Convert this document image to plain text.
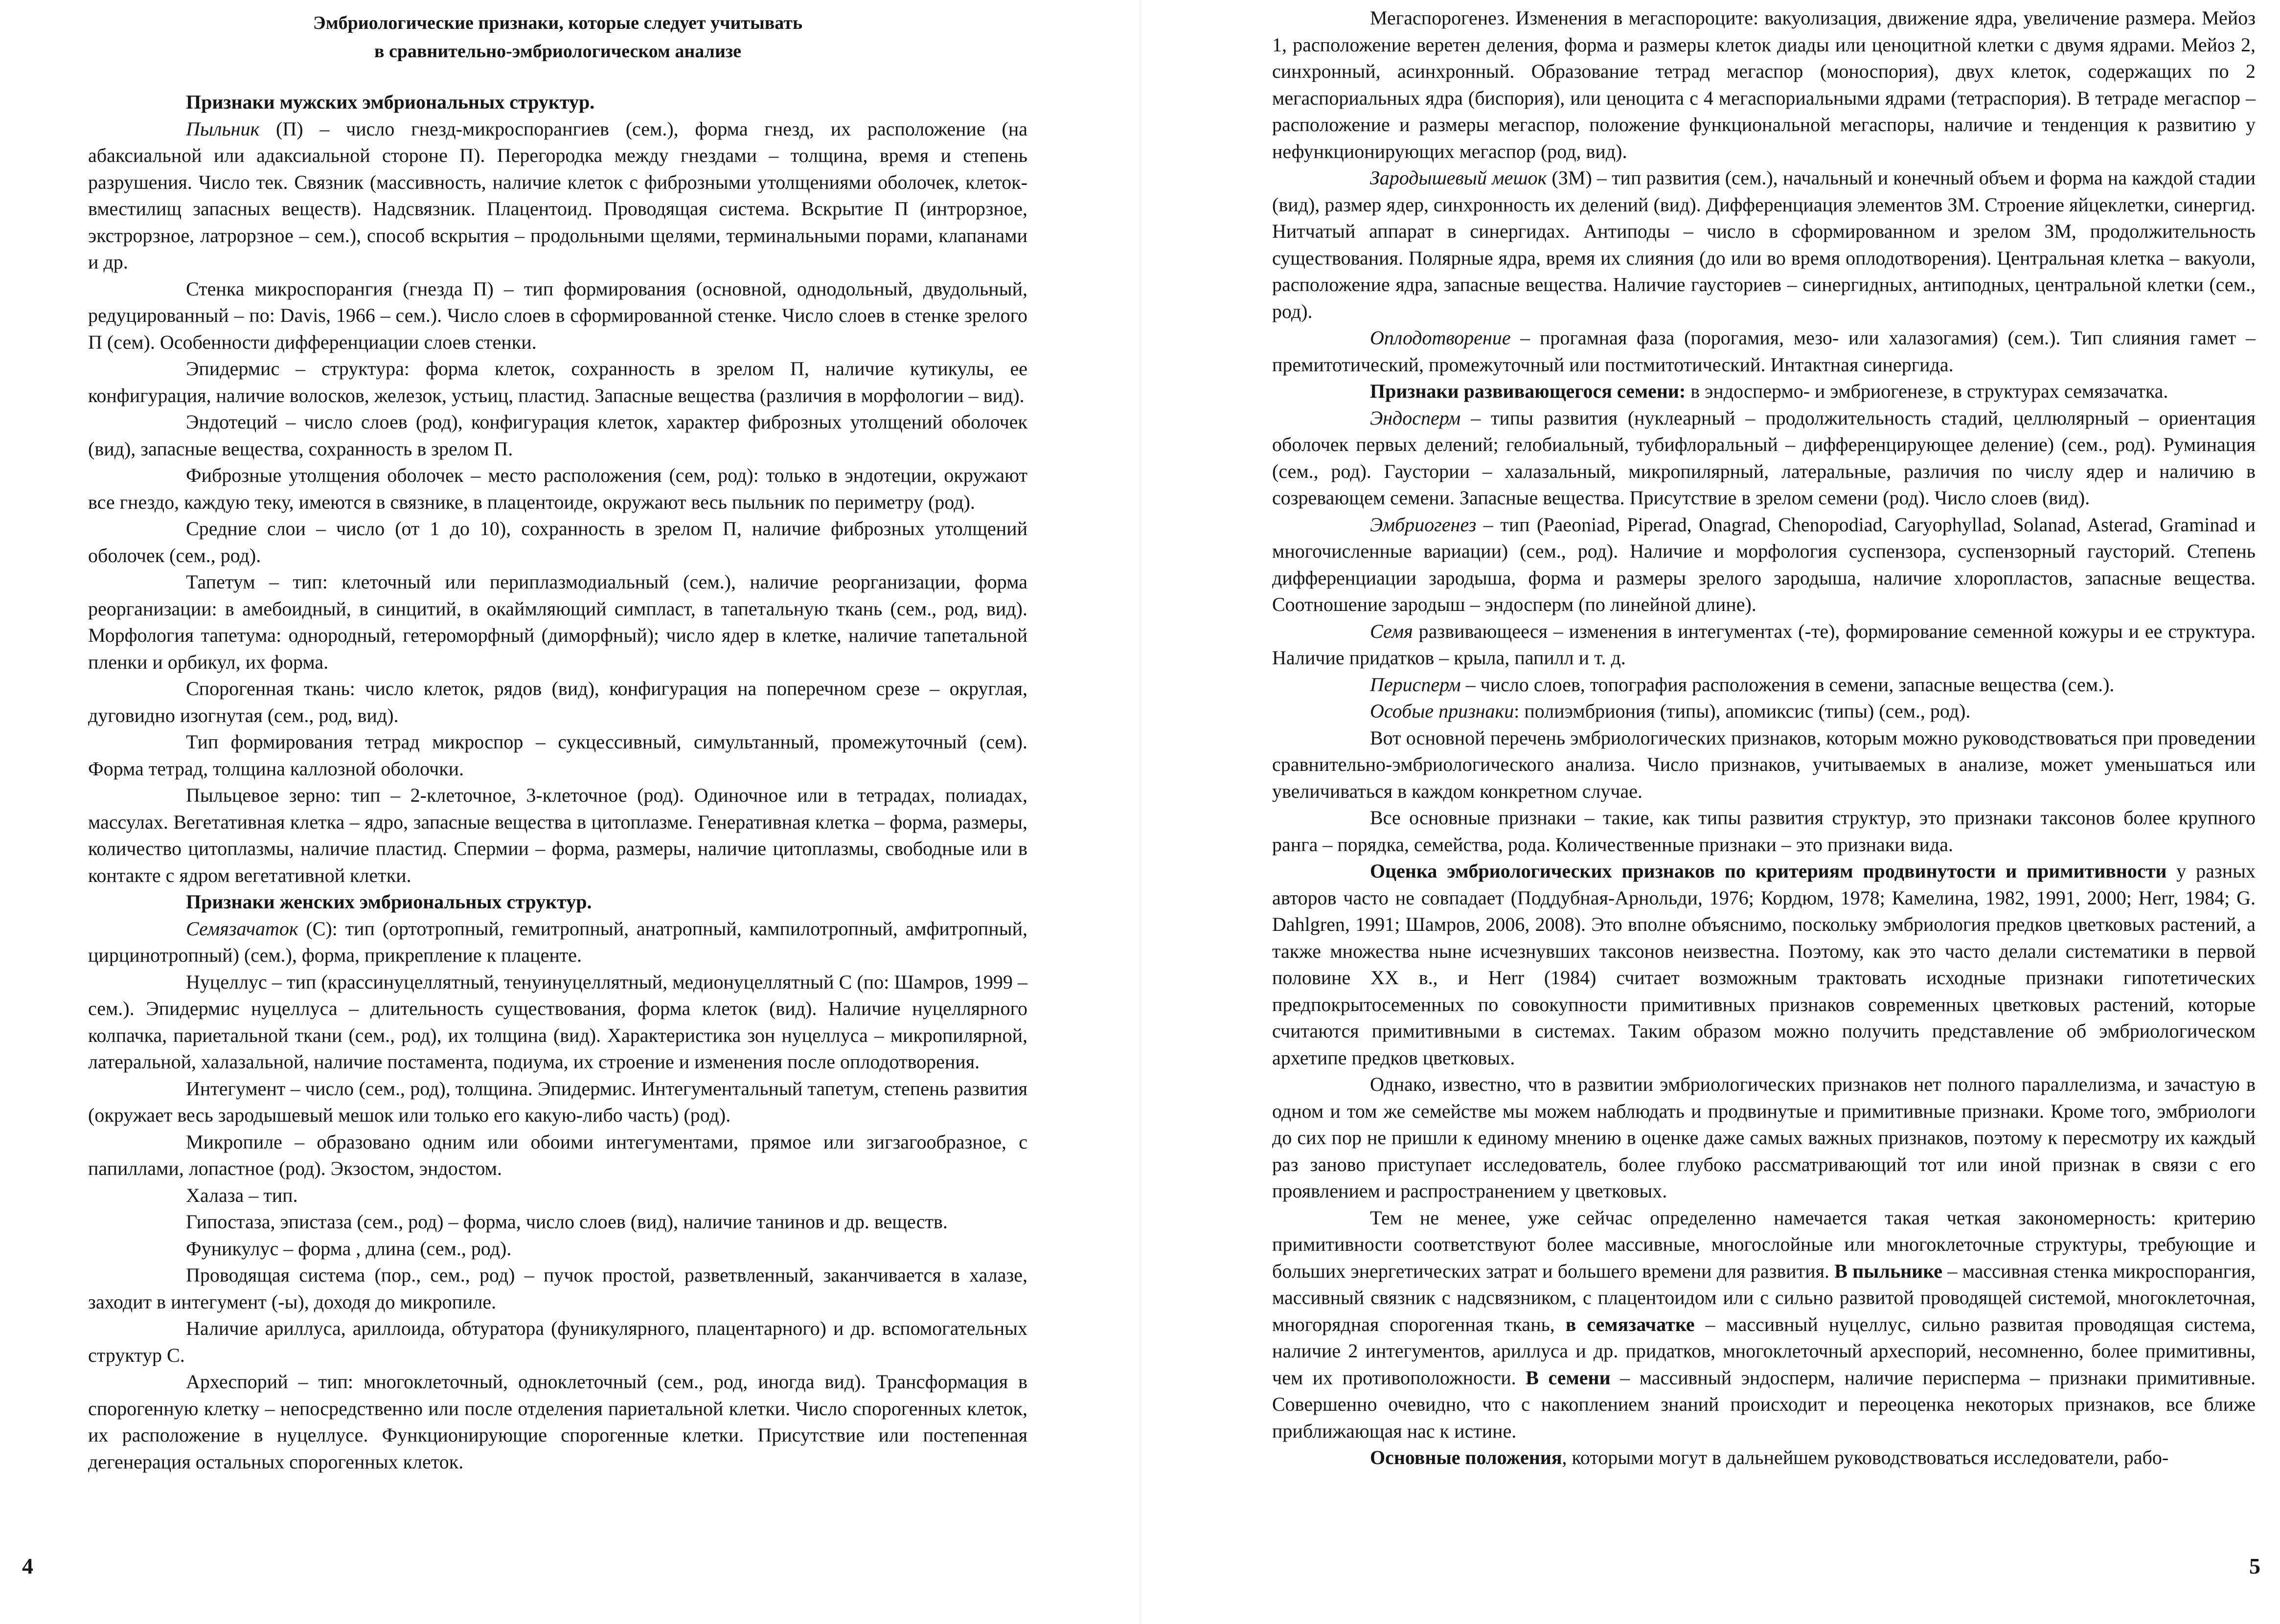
Эмбриологические признаки, которые следует учитывать
в сравнительно-эмбриологическом анализе

Признаки мужских эмбриональных структур.

Пыльник (П) – число гнезд-микроспорангиев (сем.), форма гнезд, их расположение (на абаксиальной или адаксиальной стороне П). Перегородка между гнездами – толщина, время и степень разрушения. Число тек. Связник (массивность, наличие клеток с фиброзными утолщениями оболочек, клеток-вместилищ запасных веществ). Надсвязник. Плацентоид. Проводящая система. Вскрытие П (интрорзное, экстрорзное, латрорзное – сем.), способ вскрытия – продольными щелями, терминальными порами, клапанами и др.

Стенка микроспорангия (гнезда П) – тип формирования (основной, однодольный, двудольный, редуцированный – по: Davis, 1966 – сем.). Число слоев в сформированной стенке. Число слоев в стенке зрелого П (сем). Особенности дифференциации слоев стенки.

Эпидермис – структура: форма клеток, сохранность в зрелом П, наличие кутикулы, ее конфигурация, наличие волосков, железок, устьиц, пластид. Запасные вещества (различия в морфологии – вид).

Эндотеций – число слоев (род), конфигурация клеток, характер фиброзных утолщений оболочек (вид), запасные вещества, сохранность в зрелом П.

Фиброзные утолщения оболочек – место расположения (сем, род): только в эндотеции, окружают все гнездо, каждую теку, имеются в связнике, в плацентоиде, окружают весь пыльник по периметру (род).

Средние слои – число (от 1 до 10), сохранность в зрелом П, наличие фиброзных утолщений оболочек (сем., род).

Тапетум – тип: клеточный или периплазмодиальный (сем.), наличие реорганизации, форма реорганизации: в амебоидный, в синцитий, в окаймляющий симпласт, в тапетальную ткань (сем., род, вид). Морфология тапетума: однородный, гетероморфный (диморфный); число ядер в клетке, наличие тапетальной пленки и орбикул, их форма.

Спорогенная ткань: число клеток, рядов (вид), конфигурация на поперечном срезе – округлая, дуговидно изогнутая (сем., род, вид).

Тип формирования тетрад микроспор – сукцессивный, симультанный, промежуточный (сем). Форма тетрад, толщина каллозной оболочки.

Пыльцевое зерно: тип – 2-клеточное, 3-клеточное (род). Одиночное или в тетрадах, полиадах, массулах. Вегетативная клетка – ядро, запасные вещества в цитоплазме. Генеративная клетка – форма, размеры, количество цитоплазмы, наличие пластид. Спермии – форма, размеры, наличие цитоплазмы, свободные или в контакте с ядром вегетативной клетки.

Признаки женских эмбриональных структур.

Семязачаток (С): тип (ортотропный, гемитропный, анатропный, кампилотропный, амфитропный, цирцинотропный) (сем.), форма, прикрепление к плаценте.

Нуцеллус – тип (крассинуцеллятный, тенуинуцеллятный, медионуцеллятный С (по: Шамров, 1999 – сем.). Эпидермис нуцеллуса – длительность существования, форма клеток (вид). Наличие нуцеллярного колпачка, париетальной ткани (сем., род), их толщина (вид). Характеристика зон нуцеллуса – микропилярной, латеральной, халазальной, наличие постамента, подиума, их строение и изменения после оплодотворения.

Интегумент – число (сем., род), толщина. Эпидермис. Интегументальный тапетум, степень развития (окружает весь зародышевый мешок или только его какую-либо часть) (род).

Микропиле – образовано одним или обоими интегументами, прямое или зигзагообразное, с папиллами, лопастное (род). Экзостом, эндостом.

Халаза – тип.

Гипостаза, эпистаза (сем., род) – форма, число слоев (вид), наличие танинов и др. веществ.

Фуникулус – форма , длина (сем., род).

Проводящая система (пор., сем., род) – пучок простой, разветвленный, заканчивается в халазе, заходит в интегумент (-ы), доходя до микропиле.

Наличие ариллуса, ариллоида, обтуратора (фуникулярного, плацентарного) и др. вспомогательных структур С.

Археспорий – тип: многоклеточный, одноклеточный (сем., род, иногда вид). Трансформация в спорогенную клетку – непосредственно или после отделения париетальной клетки. Число спорогенных клеток, их расположение в нуцеллусе. Функционирующие спорогенные клетки. Присутствие или постепенная дегенерация остальных спорогенных клеток.

4

Мегаспорогенез. Изменения в мегаспороците: вакуолизация, движение ядра, увеличение размера. Мейоз 1, расположение веретен деления, форма и размеры клеток диады или ценоцитной клетки с двумя ядрами. Мейоз 2, синхронный, асинхронный. Образование тетрад мегаспор (моноспория), двух клеток, содержащих по 2 мегаспориальных ядра (биспория), или ценоцита с 4 мегаспориальными ядрами (тетраспория). В тетраде мегаспор – расположение и размеры мегаспор, положение функциональной мегаспоры, наличие и тенденция к развитию у нефункционирующих мегаспор (род, вид).

Зародышевый мешок (ЗМ) – тип развития (сем.), начальный и конечный объем и форма на каждой стадии (вид), размер ядер, синхронность их делений (вид). Дифференциация элементов ЗМ. Строение яйцеклетки, синергид. Нитчатый аппарат в синергидах. Антиподы – число в сформированном и зрелом ЗМ, продолжительность существования. Полярные ядра, время их слияния (до или во время оплодотворения). Центральная клетка – вакуоли, расположение ядра, запасные вещества. Наличие гаусториев – синергидных, антиподных, центральной клетки (сем., род).

Оплодотворение – прогамная фаза (порогамия, мезо- или халазогамия) (сем.). Тип слияния гамет – премитотический, промежуточный или постмитотический. Интактная синергида.

Признаки развивающегося семени: в эндоспермо- и эмбриогенезе, в структурах семязачатка.

Эндосперм – типы развития (нуклеарный – продолжительность стадий, целлюлярный – ориентация оболочек первых делений; гелобиальный, тубифлоральный – дифференцирующее деление) (сем., род). Руминация (сем., род). Гаустории – халазальный, микропилярный, латеральные, различия по числу ядер и наличию в созревающем семени. Запасные вещества. Присутствие в зрелом семени (род). Число слоев (вид).

Эмбриогенез – тип (Paeoniad, Piperad, Onagrad, Chenopodiad, Caryophyllad, Solanad, Asterad, Graminad и многочисленные вариации) (сем., род). Наличие и морфология суспензора, суспензорный гаусторий. Степень дифференциации зародыша, форма и размеры зрелого зародыша, наличие хлоропластов, запасные вещества. Соотношение зародыш – эндосперм (по линейной длине).

Семя развивающееся – изменения в интегументах (-те), формирование семенной кожуры и ее структура. Наличие придатков – крыла, папилл и т. д.

Перисперм – число слоев, топография расположения в семени, запасные вещества (сем.).

Особые признаки: полиэмбриония (типы), апомиксис (типы) (сем., род).

Вот основной перечень эмбриологических признаков, которым можно руководствоваться при проведении сравнительно-эмбриологического анализа. Число признаков, учитываемых в анализе, может уменьшаться или увеличиваться в каждом конкретном случае.

Все основные признаки – такие, как типы развития структур, это признаки таксонов более крупного ранга – порядка, семейства, рода. Количественные признаки – это признаки вида.

Оценка эмбриологических признаков по критериям продвинутости и примитивности у разных авторов часто не совпадает (Поддубная-Арнольди, 1976; Кордюм, 1978; Камелина, 1982, 1991, 2000; Herr, 1984; G. Dahlgren, 1991; Шамров, 2006, 2008). Это вполне объяснимо, поскольку эмбриология предков цветковых растений, а также множества ныне исчезнувших таксонов неизвестна. Поэтому, как это часто делали систематики в первой половине XX в., и Herr (1984) считает возможным трактовать исходные признаки гипотетических предпокрытосеменных по совокупности примитивных признаков современных цветковых растений, которые считаются примитивными в системах. Таким образом можно получить представление об эмбриологическом архетипе предков цветковых.

Однако, известно, что в развитии эмбриологических признаков нет полного параллелизма, и зачастую в одном и том же семействе мы можем наблюдать и продвинутые и примитивные признаки. Кроме того, эмбриологи до сих пор не пришли к единому мнению в оценке даже самых важных признаков, поэтому к пересмотру их каждый раз заново приступает исследователь, более глубоко рассматривающий тот или иной признак в связи с его проявлением и распространением у цветковых.

Тем не менее, уже сейчас определенно намечается такая четкая закономерность: критерию примитивности соответствуют более массивные, многослойные или многоклеточные структуры, требующие и больших энергетических затрат и большего времени для развития. В пыльнике – массивная стенка микроспорангия, массивный связник с надсвязником, с плацентоидом или с сильно развитой проводящей системой, многоклеточная, многорядная спорогенная ткань, в семязачатке – массивный нуцеллус, сильно развитая проводящая система, наличие 2 интегументов, ариллуса и др. придатков, многоклеточный археспорий, несомненно, более примитивны, чем их противоположности. В семени – массивный эндосперм, наличие перисперма – признаки примитивные. Совершенно очевидно, что с накоплением знаний происходит и переоценка некоторых признаков, все ближе приближающая нас к истине.

Основные положения, которыми могут в дальнейшем руководствоваться исследователи, рабо-

5
